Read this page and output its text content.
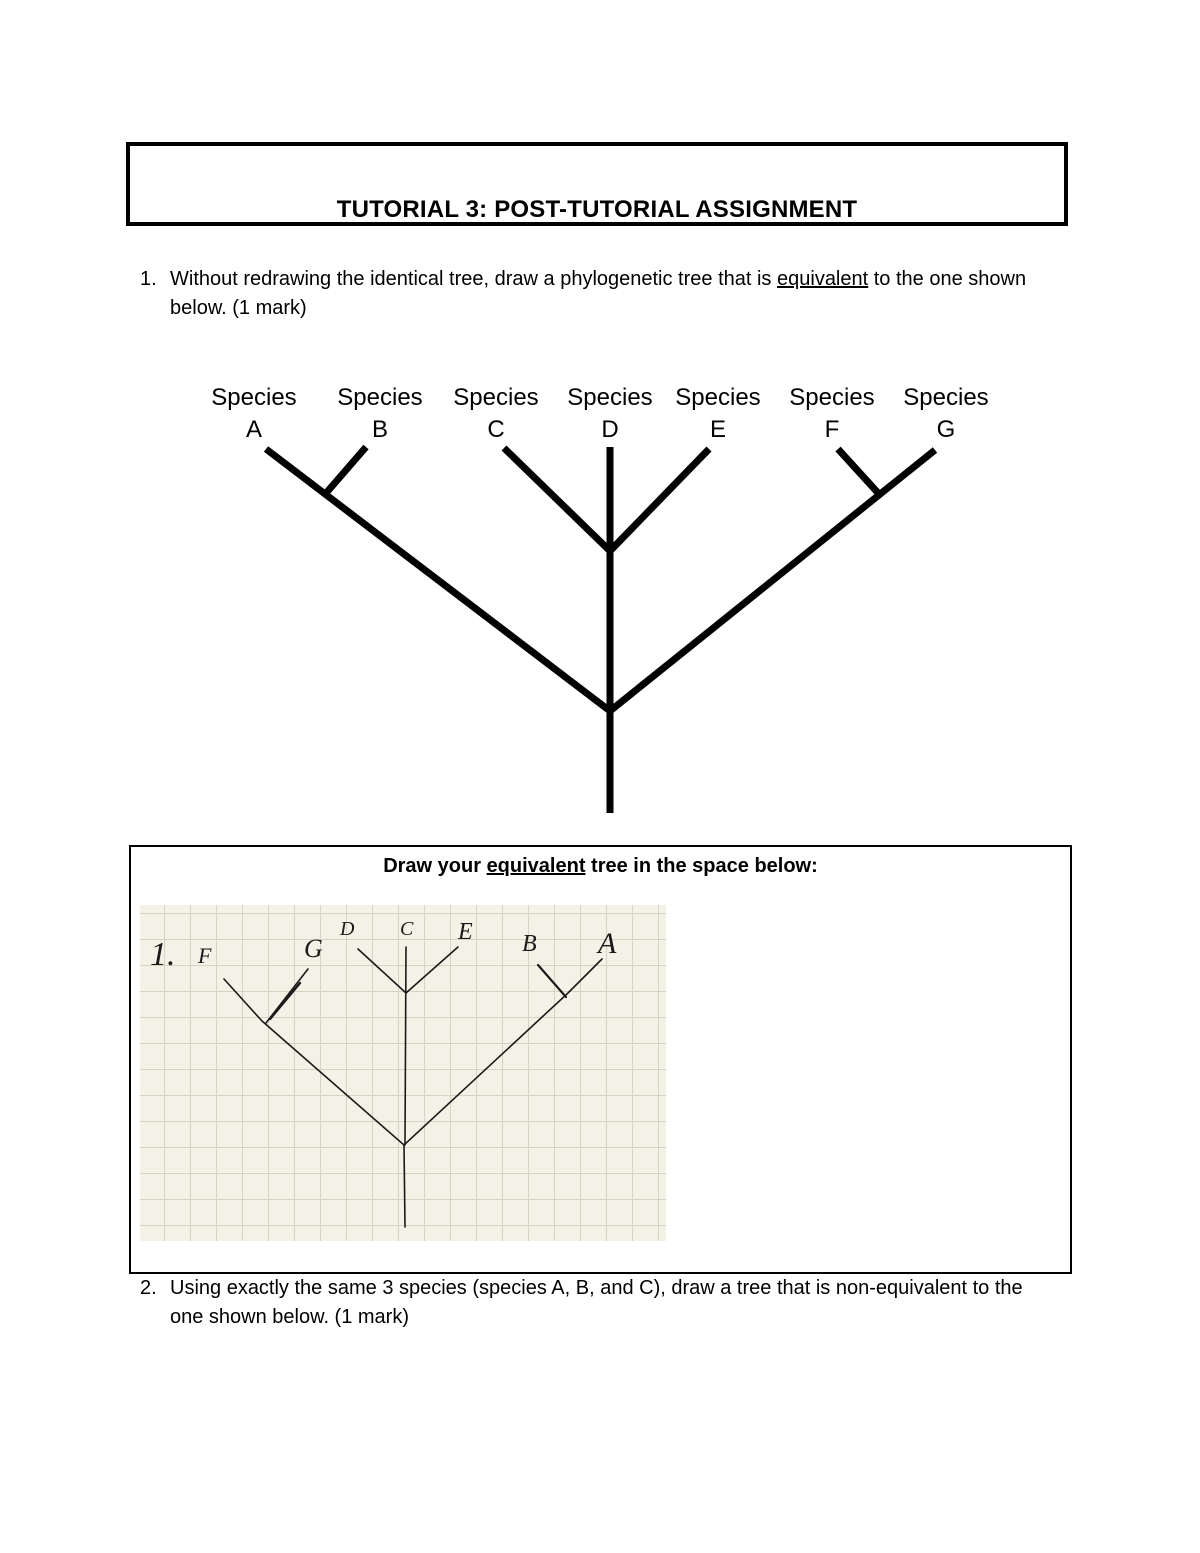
TUTORIAL 3: POST-TUTORIAL ASSIGNMENT
1. Without redrawing the identical tree, draw a phylogenetic tree that is equivalent to the one shown below. (1 mark)
Species
A
Species
B
Species
C
Species
D
Species
E
Species
F
Species
G
Draw your equivalent tree in the space below:
1. F	G
D C E B A
2. Using exactly the same 3 species (species A, B, and C), draw a tree that is non-equivalent to the one shown below. (1 mark)
